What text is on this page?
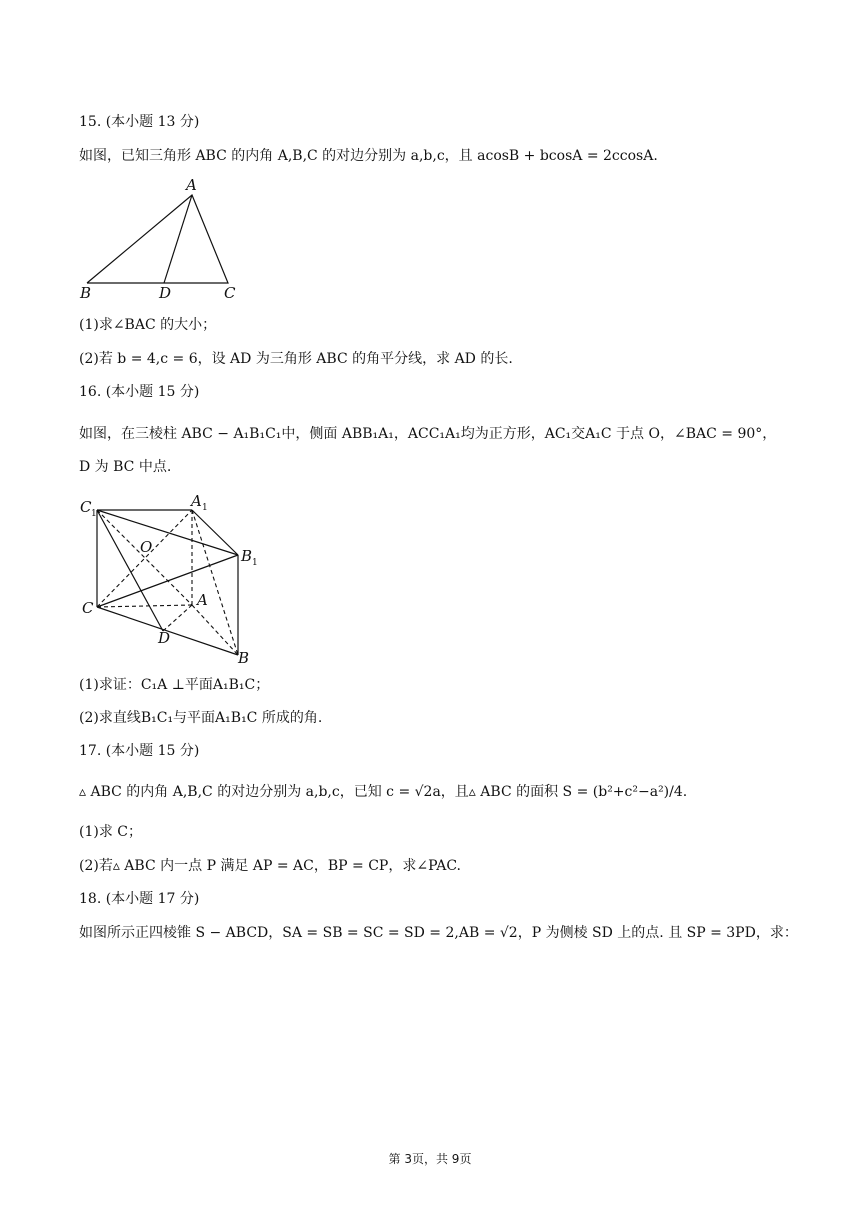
15. (本小题 13 分)
如图，已知三角形 ABC 的内角 A,B,C 的对边分别为 a,b,c，且 acosB + bcosA = 2ccosA.
A
B	D	C
(1)求∠BAC 的大小；
(2)若 b = 4,c = 6，设 AD 为三角形 ABC 的角平分线，求 AD 的长.
16. (本小题 15 分)
如图，在三棱柱 ABC − A₁B₁C₁中，侧面 ABB₁A₁，ACC₁A₁均为正方形，AC₁交A₁C 于点 O，∠BAC = 90°，
D 为 BC 中点.
C 1
A 1
O	B 1
C	A
D
B
(1)求证：C₁A ⊥平面A₁B₁C；
(2)求直线B₁C₁与平面A₁B₁C 所成的角.
17. (本小题 15 分)
▵ ABC 的内角 A,B,C 的对边分别为 a,b,c，已知 c = √2a，且▵ ABC 的面积 S = (b²+c²−a²)/4.
(1)求 C；
(2)若▵ ABC 内一点 P 满足 AP = AC，BP = CP，求∠PAC.
18. (本小题 17 分)
如图所示正四棱锥 S − ABCD，SA = SB = SC = SD = 2,AB = √2，P 为侧棱 SD 上的点. 且 SP = 3PD，求：
第 3页，共 9页
